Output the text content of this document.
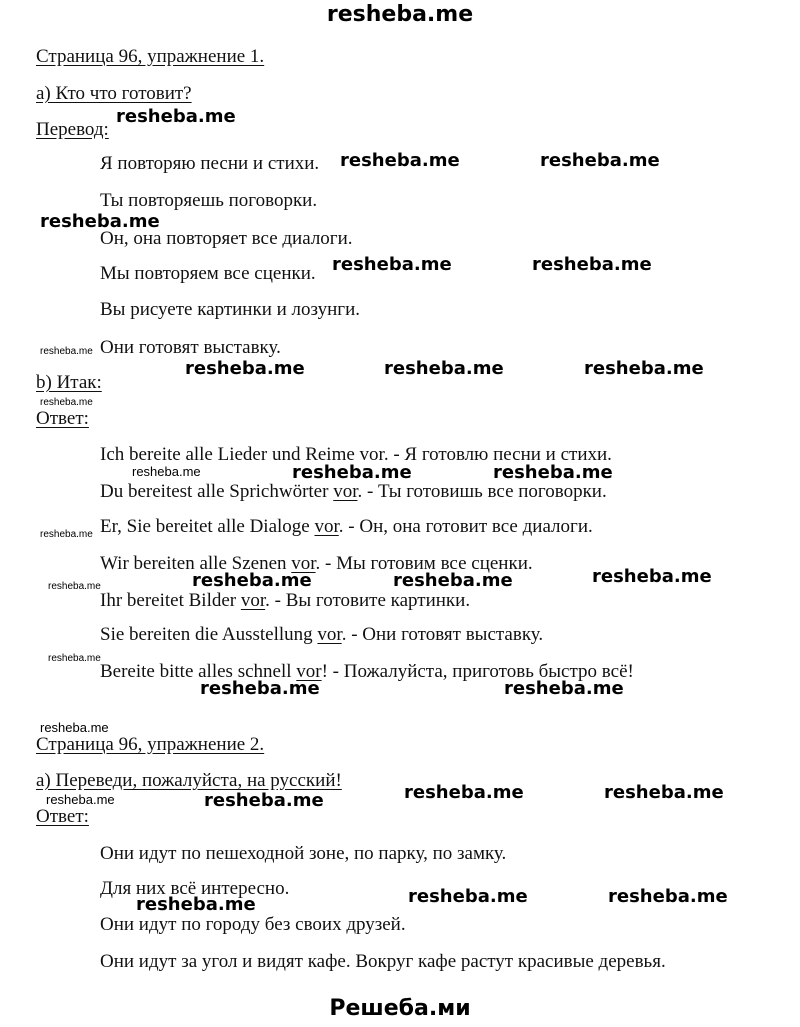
resheba.me
Страница 96, упражнение 1.
а) Кто что готовит?
Перевод:
Я повторяю песни и стихи.
Ты повторяешь поговорки.
Он, она повторяет все диалоги.
Мы повторяем все сценки.
Вы рисуете картинки и лозунги.
Они готовят выставку.
b) Итак:
Ответ:
Ich bereite alle Lieder und Reime vor. - Я готовлю песни и стихи.
Du bereitest alle Sprichwörter vor. - Ты готовишь все поговорки.
Er, Sie bereitet alle Dialoge vor. - Он, она готовит все диалоги.
Wir bereiten alle Szenen vor. - Мы готовим все сценки.
Ihr bereitet Bilder vor. - Вы готовите картинки.
Sie bereiten die Ausstellung vor. - Они готовят выставку.
Bereite bitte alles schnell vor! - Пожалуйста, приготовь быстро всё!
Страница 96, упражнение 2.
а) Переведи, пожалуйста, на русский!
Ответ:
Они идут по пешеходной зоне, по парку, по замку.
Для них всё интересно.
Они идут по городу без своих друзей.
Они идут за угол и видят кафе. Вокруг кафе растут красивые деревья.
Решеба.ми
resheba.me
resheba.me	resheba.me
resheba.me
resheba.me	resheba.me
resheba.me	resheba.me	resheba.me
resheba.me	resheba.me
resheba.me	resheba.me	resheba.me
resheba.me	resheba.me
resheba.me	resheba.me	resheba.me
resheba.me	resheba.me	resheba.me
resheba.me
resheba.me
resheba.me
resheba.me
resheba.me
resheba.me
resheba.me
resheba.me
